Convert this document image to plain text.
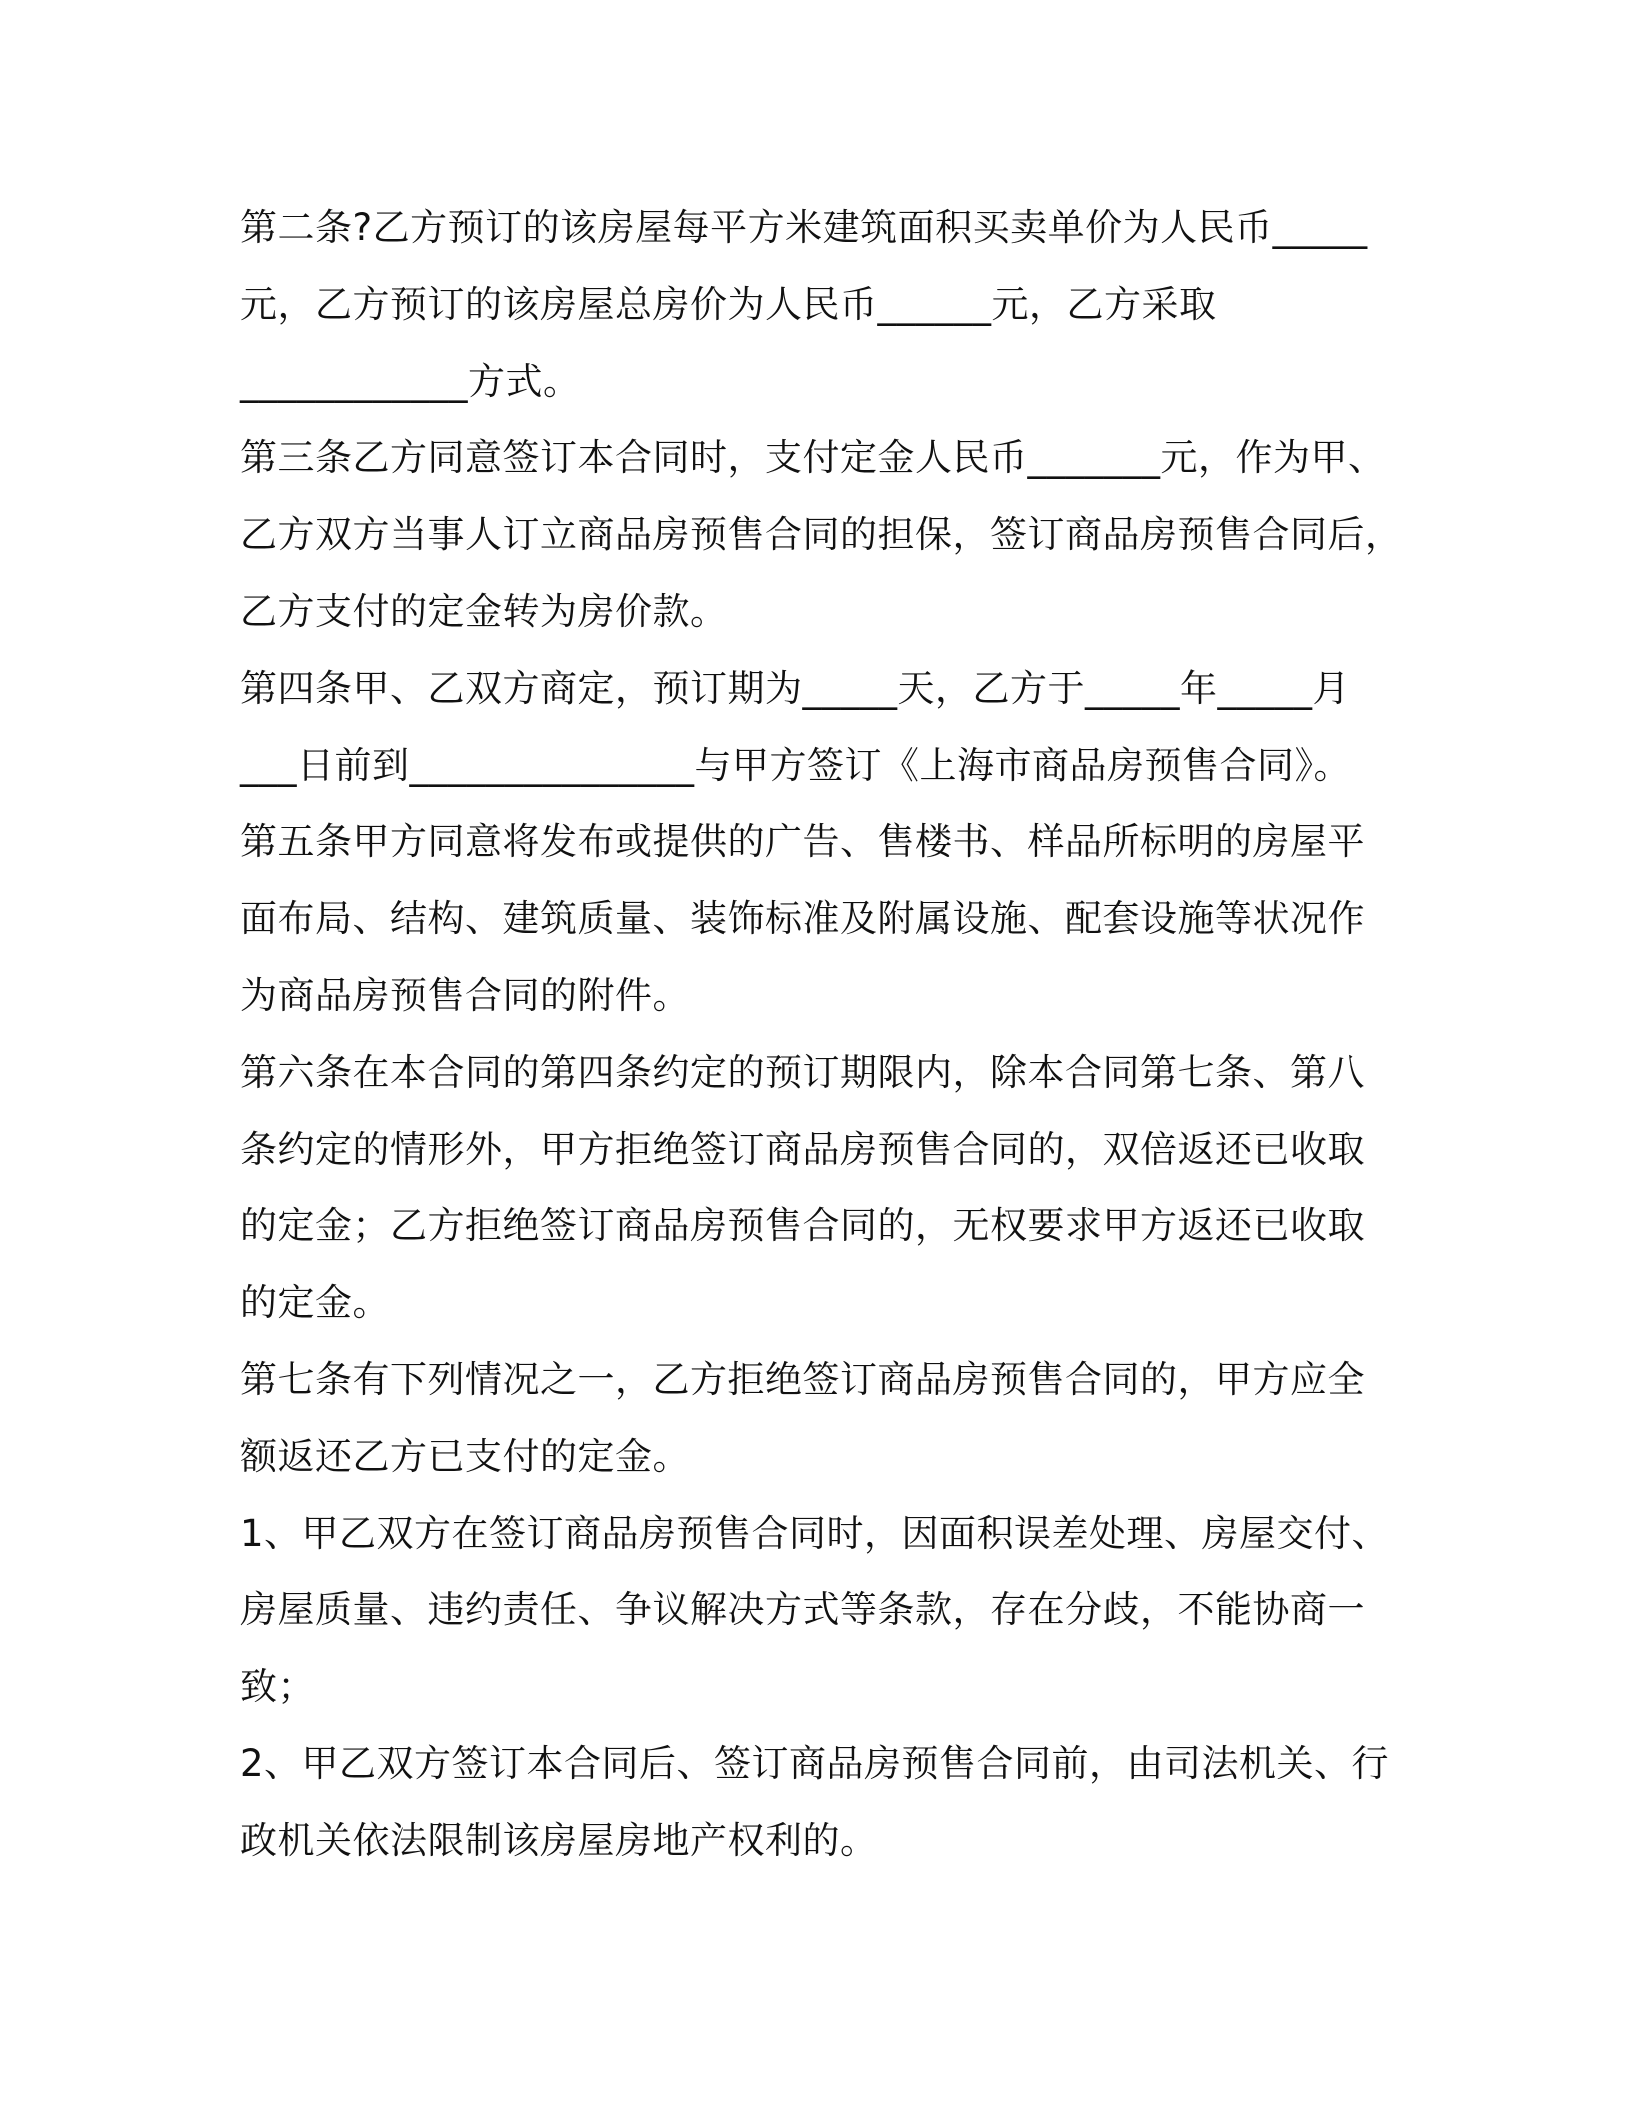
第二条?乙方预订的该房屋每平方米建筑面积买卖单价为人民币_____
元，乙方预订的该房屋总房价为人民币______元，乙方采取
____________方式。
第三条乙方同意签订本合同时，支付定金人民币_______元，作为甲、
乙方双方当事人订立商品房预售合同的担保，签订商品房预售合同后，
乙方支付的定金转为房价款。
第四条甲、乙双方商定，预订期为_____天，乙方于_____年_____月
___日前到_______________与甲方签订《上海市商品房预售合同》。
第五条甲方同意将发布或提供的广告、售楼书、样品所标明的房屋平
面布局、结构、建筑质量、装饰标准及附属设施、配套设施等状况作
为商品房预售合同的附件。
第六条在本合同的第四条约定的预订期限内，除本合同第七条、第八
条约定的情形外，甲方拒绝签订商品房预售合同的，双倍返还已收取
的定金；乙方拒绝签订商品房预售合同的，无权要求甲方返还已收取
的定金。
第七条有下列情况之一，乙方拒绝签订商品房预售合同的，甲方应全
额返还乙方已支付的定金。
1、甲乙双方在签订商品房预售合同时，因面积误差处理、房屋交付、
房屋质量、违约责任、争议解决方式等条款，存在分歧，不能协商一
致；
2、甲乙双方签订本合同后、签订商品房预售合同前，由司法机关、行
政机关依法限制该房屋房地产权利的。
